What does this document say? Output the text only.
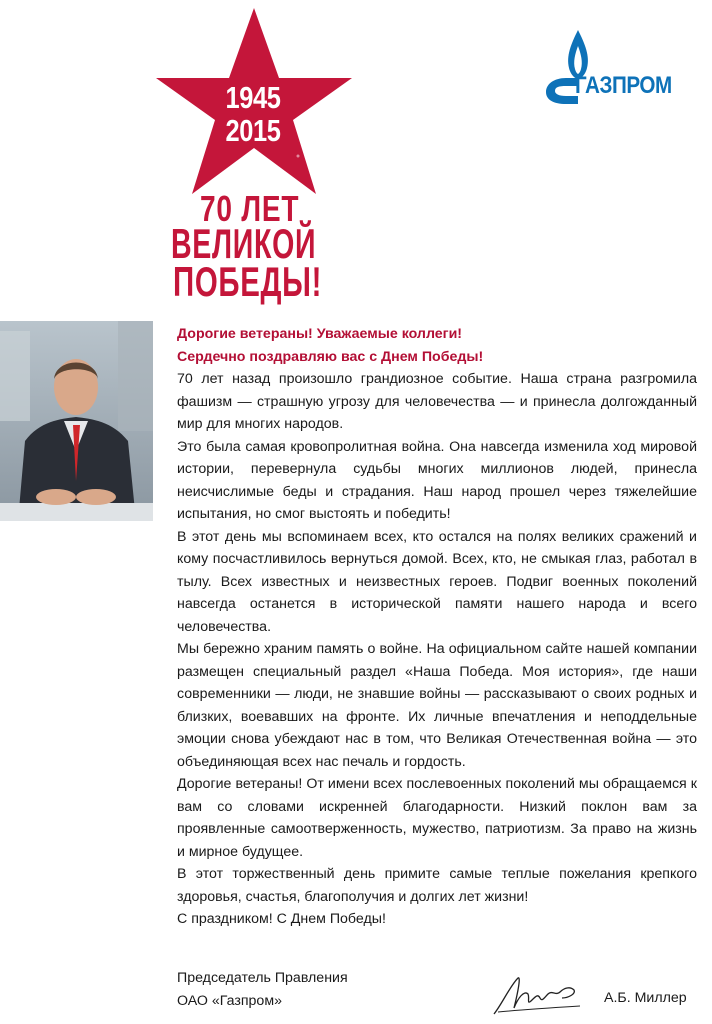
1945
2015
70 ЛЕТ
ВЕЛИКОЙ
ПОБЕДЫ!
ГАЗПРОМ
Дорогие ветераны! Уважаемые коллеги!
Сердечно поздравляю вас с Днем Победы!

70 лет назад произошло грандиозное событие. Наша страна разгромила фашизм — страшную угрозу для человечества — и принесла долгожданный мир для многих народов.

Это была самая кровопролитная война. Она навсегда изменила ход мировой истории, перевернула судьбы многих миллионов людей, принесла неисчислимые беды и страдания. Наш народ прошел через тяжелейшие испытания, но смог выстоять и победить!

В этот день мы вспоминаем всех, кто остался на полях великих сражений и кому посчастливилось вернуться домой. Всех, кто, не смыкая глаз, работал в тылу. Всех известных и неизвестных героев. Подвиг военных поколений навсегда останется в исторической памяти нашего народа и всего человечества.

Мы бережно храним память о войне. На официальном сайте нашей компании размещен специальный раздел «Наша Победа. Моя история», где наши современники — люди, не знавшие войны — рассказывают о своих родных и близких, воевавших на фронте. Их личные впечатления и неподдельные эмоции снова убеждают нас в том, что Великая Отечественная война — это объединяющая всех нас печаль и гордость.

Дорогие ветераны! От имени всех послевоенных поколений мы обращаемся к вам со словами искренней благодарности. Низкий поклон вам за проявленные самоотверженность, мужество, патриотизм. За право на жизнь и мирное будущее.

В этот торжественный день примите самые теплые пожелания крепкого здоровья, счастья, благополучия и долгих лет жизни!

С праздником! С Днем Победы!

Председатель Правления
ОАО «Газпром»	А.Б. Миллер
